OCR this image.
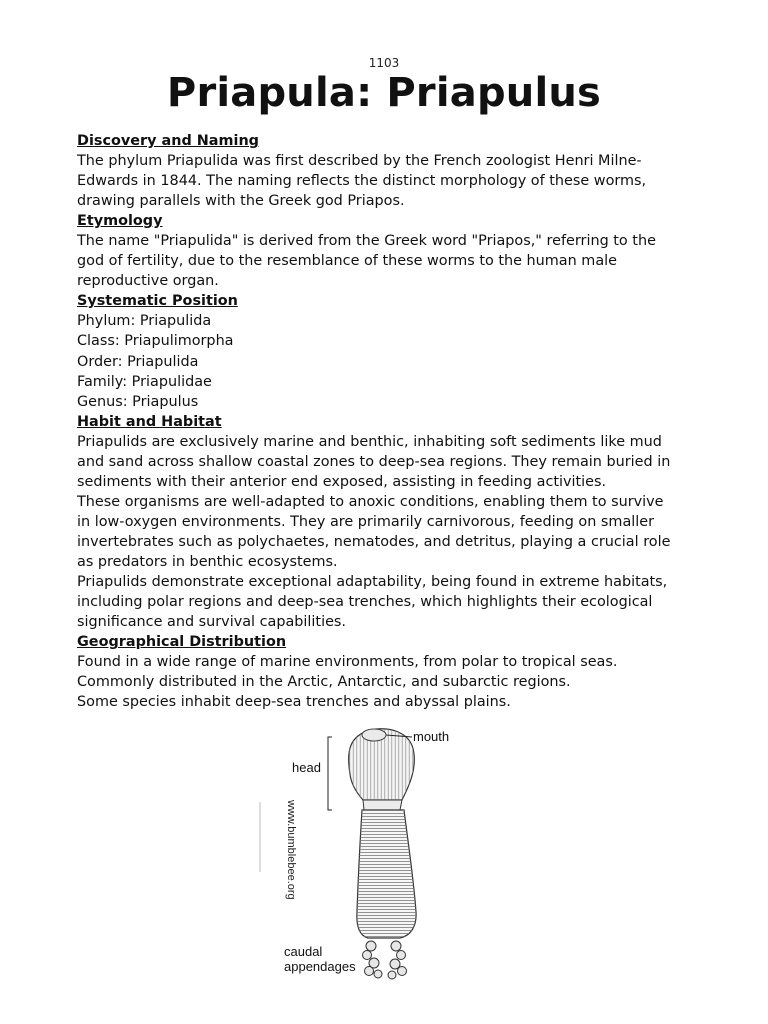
1103
Priapula: Priapulus

Discovery and Naming

The phylum Priapulida was first described by the French zoologist Henri Milne-

Edwards in 1844. The naming reflects the distinct morphology of these worms,

drawing parallels with the Greek god Priapos.

Etymology

The name "Priapulida" is derived from the Greek word "Priapos," referring to the

god of fertility, due to the resemblance of these worms to the human male

reproductive organ.

Systematic Position

Phylum: Priapulida

Class: Priapulimorpha

Order: Priapulida

Family: Priapulidae

Genus: Priapulus

Habit and Habitat

Priapulids are exclusively marine and benthic, inhabiting soft sediments like mud

and sand across shallow coastal zones to deep-sea regions. They remain buried in

sediments with their anterior end exposed, assisting in feeding activities.

These organisms are well-adapted to anoxic conditions, enabling them to survive

in low-oxygen environments. They are primarily carnivorous, feeding on smaller

invertebrates such as polychaetes, nematodes, and detritus, playing a crucial role

as predators in benthic ecosystems.

Priapulids demonstrate exceptional adaptability, being found in extreme habitats,

including polar regions and deep-sea trenches, which highlights their ecological

significance and survival capabilities.

Geographical Distribution

Found in a wide range of marine environments, from polar to tropical seas.

Commonly distributed in the Arctic, Antarctic, and subarctic regions.

Some species inhabit deep-sea trenches and abyssal plains.

mouth
head
caudal
appendages
www.bumblebee.org
